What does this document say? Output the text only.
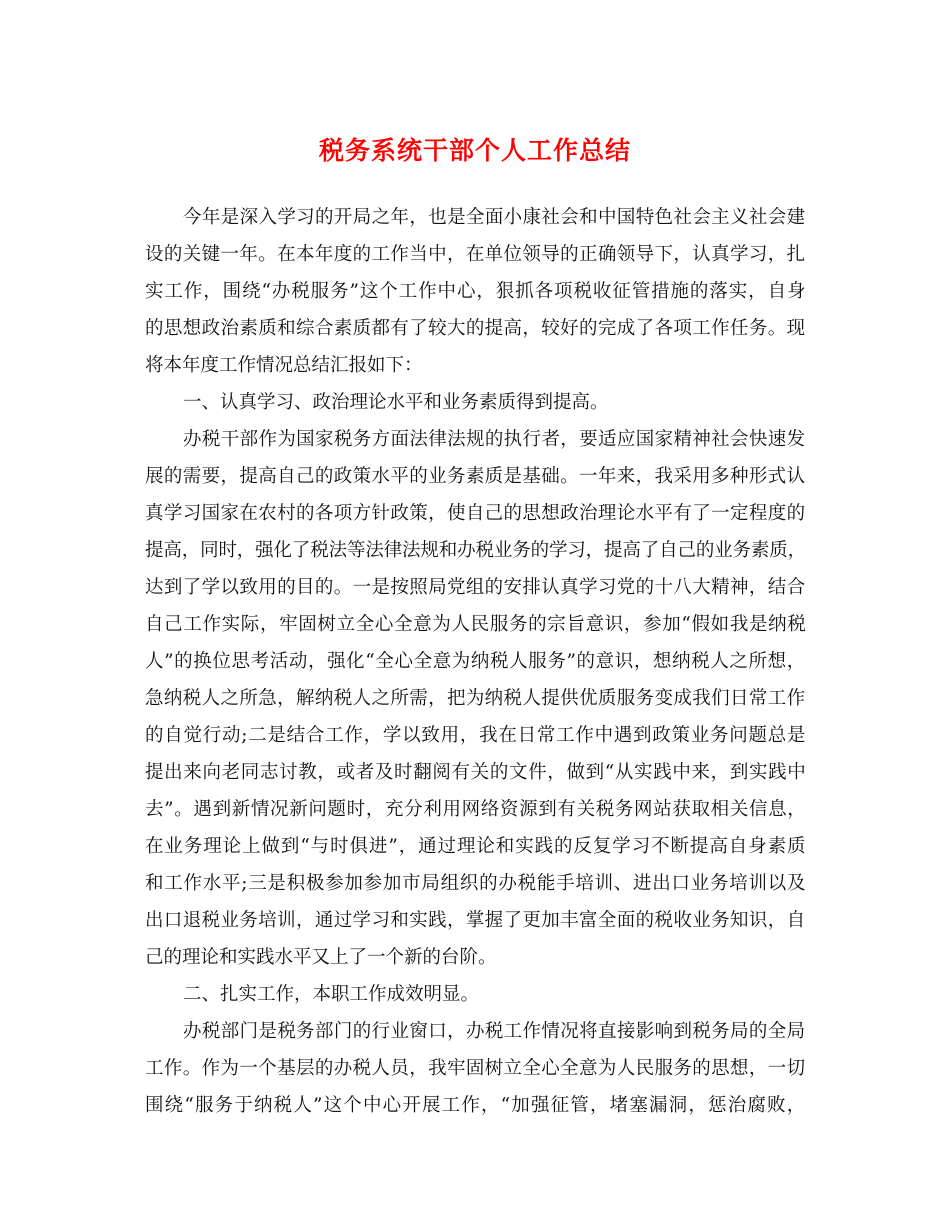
税务系统干部个人工作总结
今年是深入学习的开局之年，也是全面小康社会和中国特色社会主义社会建
设的关键一年。在本年度的工作当中，在单位领导的正确领导下，认真学习，扎
实工作，围绕“办税服务”这个工作中心，狠抓各项税收征管措施的落实，自身
的思想政治素质和综合素质都有了较大的提高，较好的完成了各项工作任务。现
将本年度工作情况总结汇报如下：
一、认真学习、政治理论水平和业务素质得到提高。
办税干部作为国家税务方面法律法规的执行者，要适应国家精神社会快速发
展的需要，提高自己的政策水平的业务素质是基础。一年来，我采用多种形式认
真学习国家在农村的各项方针政策，使自己的思想政治理论水平有了一定程度的
提高，同时，强化了税法等法律法规和办税业务的学习，提高了自己的业务素质，
达到了学以致用的目的。一是按照局党组的安排认真学习党的十八大精神，结合
自己工作实际，牢固树立全心全意为人民服务的宗旨意识，参加“假如我是纳税
人”的换位思考活动，强化“全心全意为纳税人服务”的意识，想纳税人之所想，
急纳税人之所急，解纳税人之所需，把为纳税人提供优质服务变成我们日常工作
的自觉行动;二是结合工作，学以致用，我在日常工作中遇到政策业务问题总是
提出来向老同志讨教，或者及时翻阅有关的文件，做到“从实践中来，到实践中
去”。遇到新情况新问题时，充分利用网络资源到有关税务网站获取相关信息，
在业务理论上做到“与时俱进”，通过理论和实践的反复学习不断提高自身素质
和工作水平;三是积极参加参加市局组织的办税能手培训、进出口业务培训以及
出口退税业务培训，通过学习和实践，掌握了更加丰富全面的税收业务知识，自
己的理论和实践水平又上了一个新的台阶。
二、扎实工作，本职工作成效明显。
办税部门是税务部门的行业窗口，办税工作情况将直接影响到税务局的全局
工作。作为一个基层的办税人员，我牢固树立全心全意为人民服务的思想，一切
围绕“服务于纳税人”这个中心开展工作，“加强征管，堵塞漏洞，惩治腐败，
